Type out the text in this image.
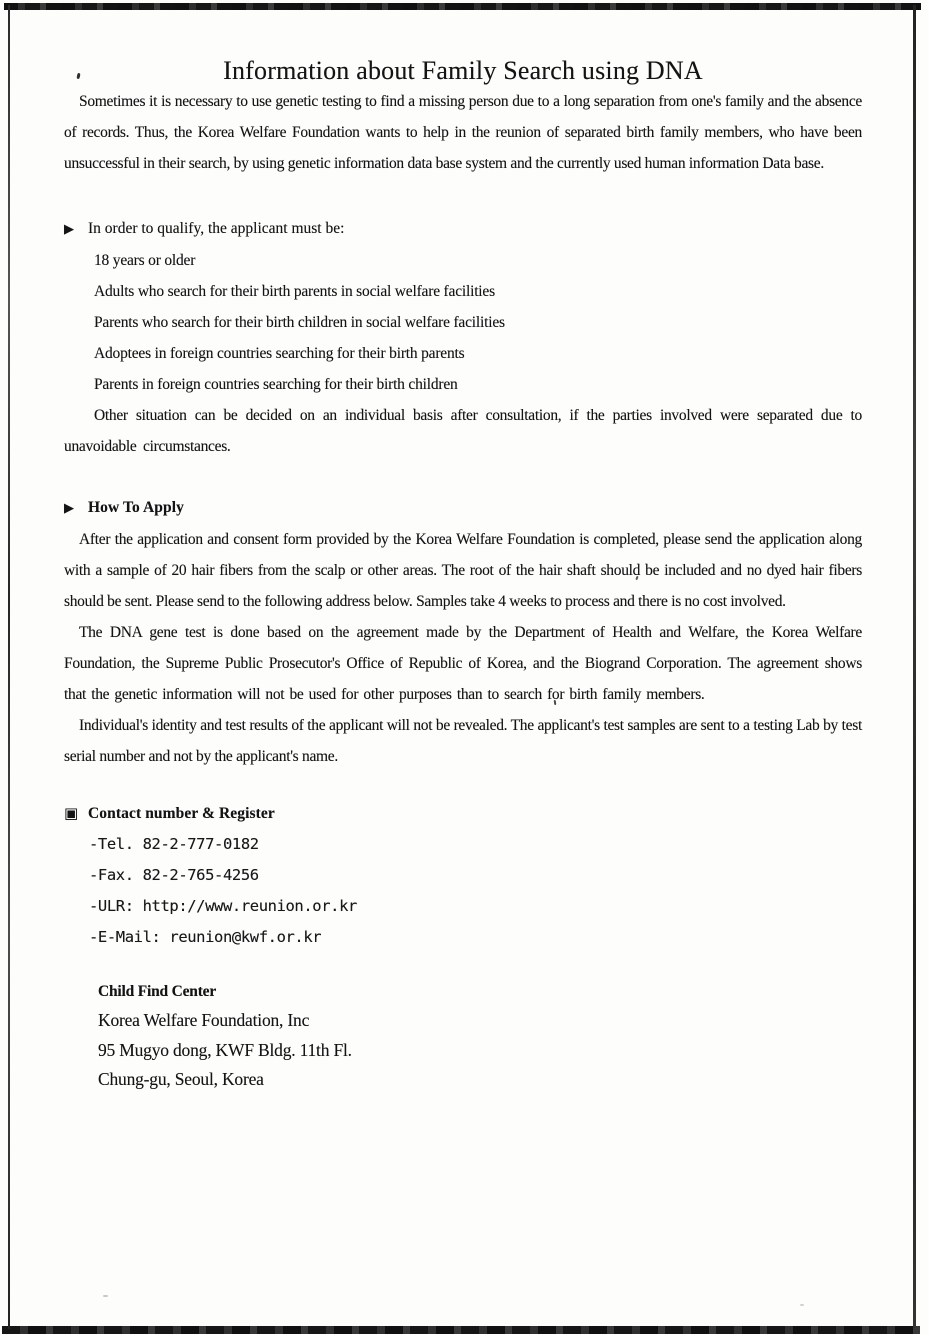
Information about Family Search using DNA

Sometimes it is necessary to use genetic testing to find a missing person due to a long separation from one's family and the absence of records. Thus, the Korea Welfare Foundation wants to help in the reunion of separated birth family members, who have been unsuccessful in their search, by using genetic information data base system and the currently used human information Data base.

▶ In order to qualify, the applicant must be:
18 years or older
Adults who search for their birth parents in social welfare facilities
Parents who search for their birth children in social welfare facilities
Adoptees in foreign countries searching for their birth parents
Parents in foreign countries searching for their birth children

Other situation can be decided on an individual basis after consultation, if the parties involved were separated due to unavoidable circumstances.

▶ How To Apply

After the application and consent form provided by the Korea Welfare Foundation is completed, please send the application along with a sample of 20 hair fibers from the scalp or other areas. The root of the hair shaft should be included and no dyed hair fibers should be sent. Please send to the following address below. Samples take 4 weeks to process and there is no cost involved.

The DNA gene test is done based on the agreement made by the Department of Health and Welfare, the Korea Welfare Foundation, the Supreme Public Prosecutor's Office of Republic of Korea, and the Biogrand Corporation. The agreement shows that the genetic information will not be used for other purposes than to search for birth family members.

Individual's identity and test results of the applicant will not be revealed. The applicant's test samples are sent to a testing Lab by test serial number and not by the applicant's name.

▣ Contact number & Register
-Tel. 82-2-777-0182
-Fax. 82-2-765-4256
-ULR: http://www.reunion.or.kr
-E-Mail: reunion@kwf.or.kr
Child Find Center
Korea Welfare Foundation, Inc
95 Mugyo dong, KWF Bldg. 11th Fl.
Chung-gu, Seoul, Korea
